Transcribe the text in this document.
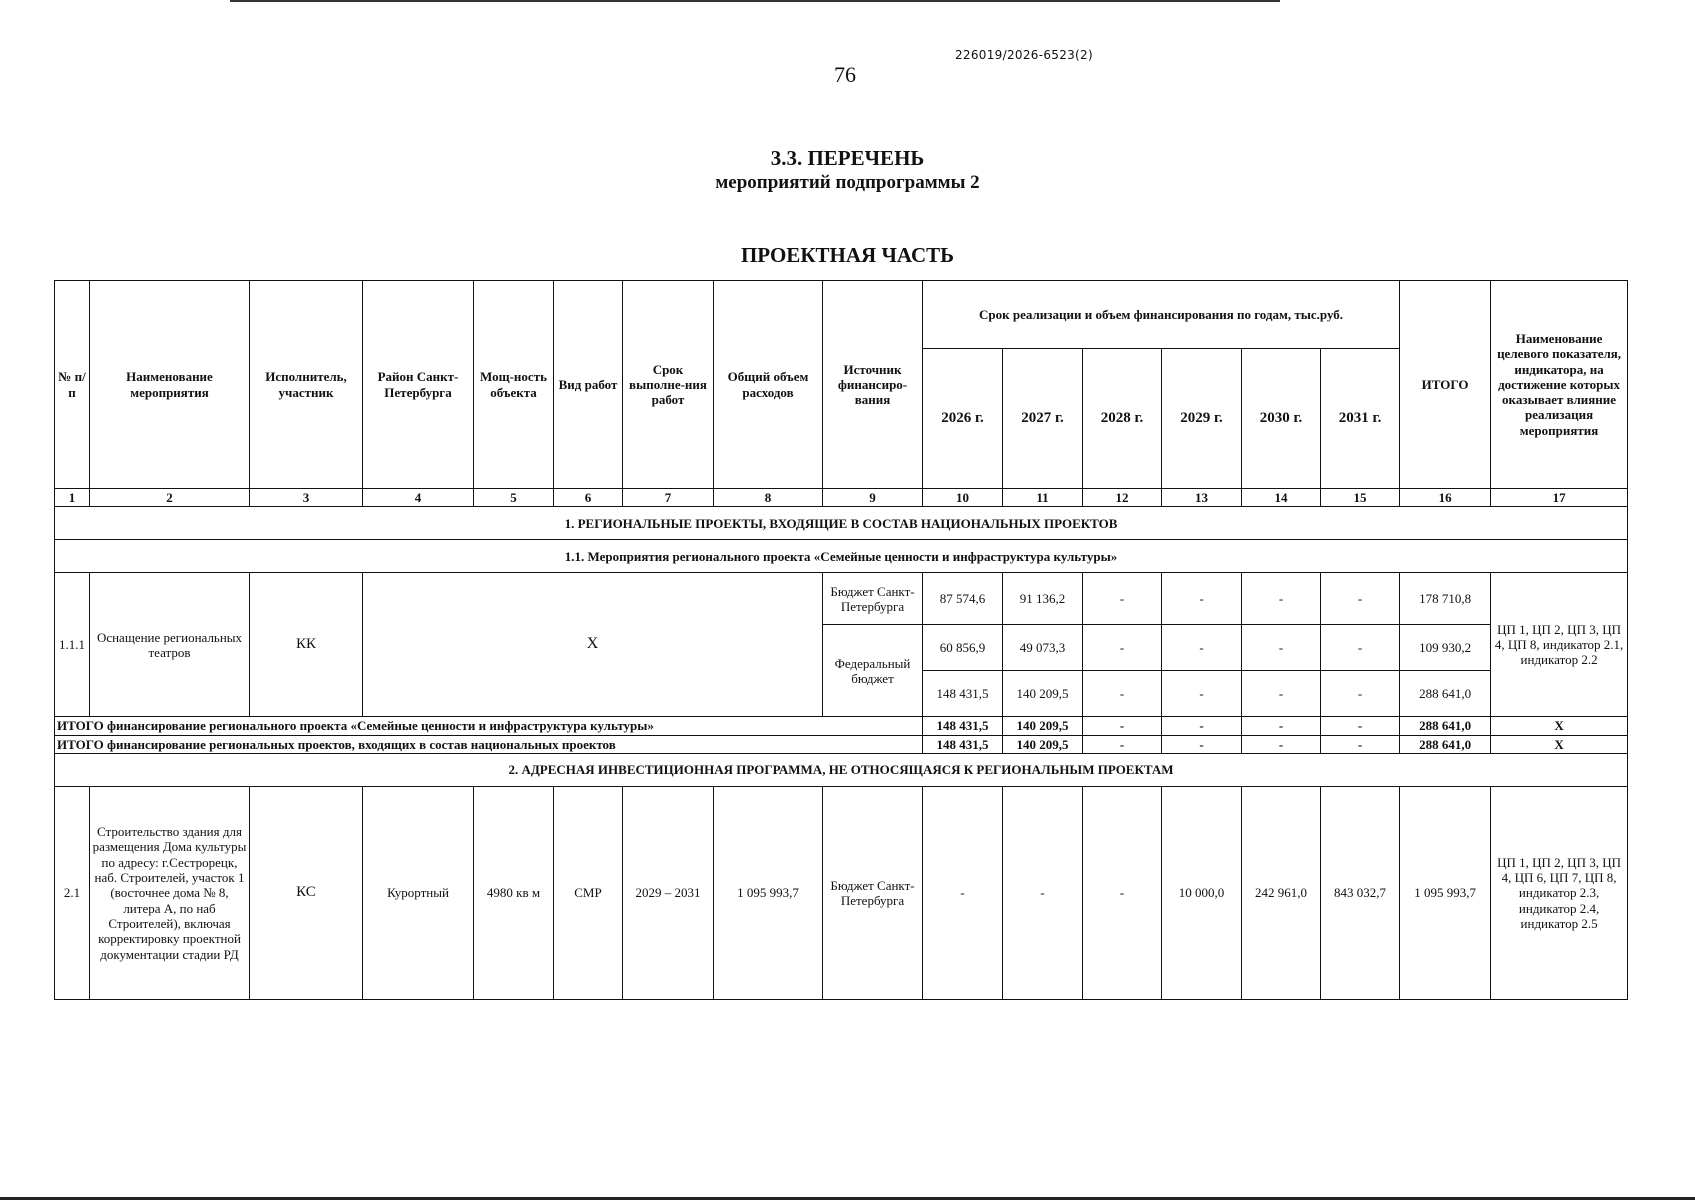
76
226019/2026-6523(2)
3.3. ПЕРЕЧЕНЬ
мероприятий подпрограммы 2
ПРОЕКТНАЯ ЧАСТЬ
№ п/п	Наименование мероприятия	Исполнитель, участник	Район Санкт-Петербурга	Мощ-ность объекта	Вид работ	Срок выполне-ния работ	Общий объем расходов	Источник финансиро-вания	Срок реализации и объем финансирования по годам, тыс.руб.						ИТОГО	Наименование целевого показателя, индикатора, на достижение которых оказывает влияние реализация мероприятия
									2026 г.	2027 г.	2028 г.	2029 г.	2030 г.	2031 г.		
1	2	3	4	5	6	7	8	9	10	11	12	13	14	15	16	17
1. РЕГИОНАЛЬНЫЕ ПРОЕКТЫ, ВХОДЯЩИЕ В СОСТАВ НАЦИОНАЛЬНЫХ ПРОЕКТОВ																
1.1. Мероприятия регионального проекта «Семейные ценности и инфраструктура культуры»																
1.1.1	Оснащение региональных театров	КК	Х					Бюджет Санкт-Петербурга	87 574,6	91 136,2	-	-	-	-	178 710,8	ЦП 1, ЦП 2, ЦП 3, ЦП 4, ЦП 8, индикатор 2.1, индикатор 2.2
								Федеральный бюджет	60 856,9	49 073,3	-	-	-	-	109 930,2	
									148 431,5	140 209,5	-	-	-	-	288 641,0	
ИТОГО финансирование регионального проекта «Семейные ценности и инфраструктура культуры»									148 431,5	140 209,5	-	-	-	-	288 641,0	Х
ИТОГО финансирование региональных проектов, входящих в состав национальных проектов									148 431,5	140 209,5	-	-	-	-	288 641,0	Х
2. АДРЕСНАЯ ИНВЕСТИЦИОННАЯ ПРОГРАММА, НЕ ОТНОСЯЩАЯСЯ К РЕГИОНАЛЬНЫМ ПРОЕКТАМ																
2.1	Строительство здания для размещения Дома культуры по адресу: г.Сестрорецк, наб. Строителей, участок 1 (восточнее дома № 8, литера А, по наб Строителей), включая корректировку проектной документации стадии РД	КС	Курортный	4980 кв м	СМР	2029 – 2031	1 095 993,7	Бюджет Санкт-Петербурга	-	-	-	10 000,0	242 961,0	843 032,7	1 095 993,7	ЦП 1, ЦП 2, ЦП 3, ЦП 4, ЦП 6, ЦП 7, ЦП 8, индикатор 2.3, индикатор 2.4, индикатор 2.5
